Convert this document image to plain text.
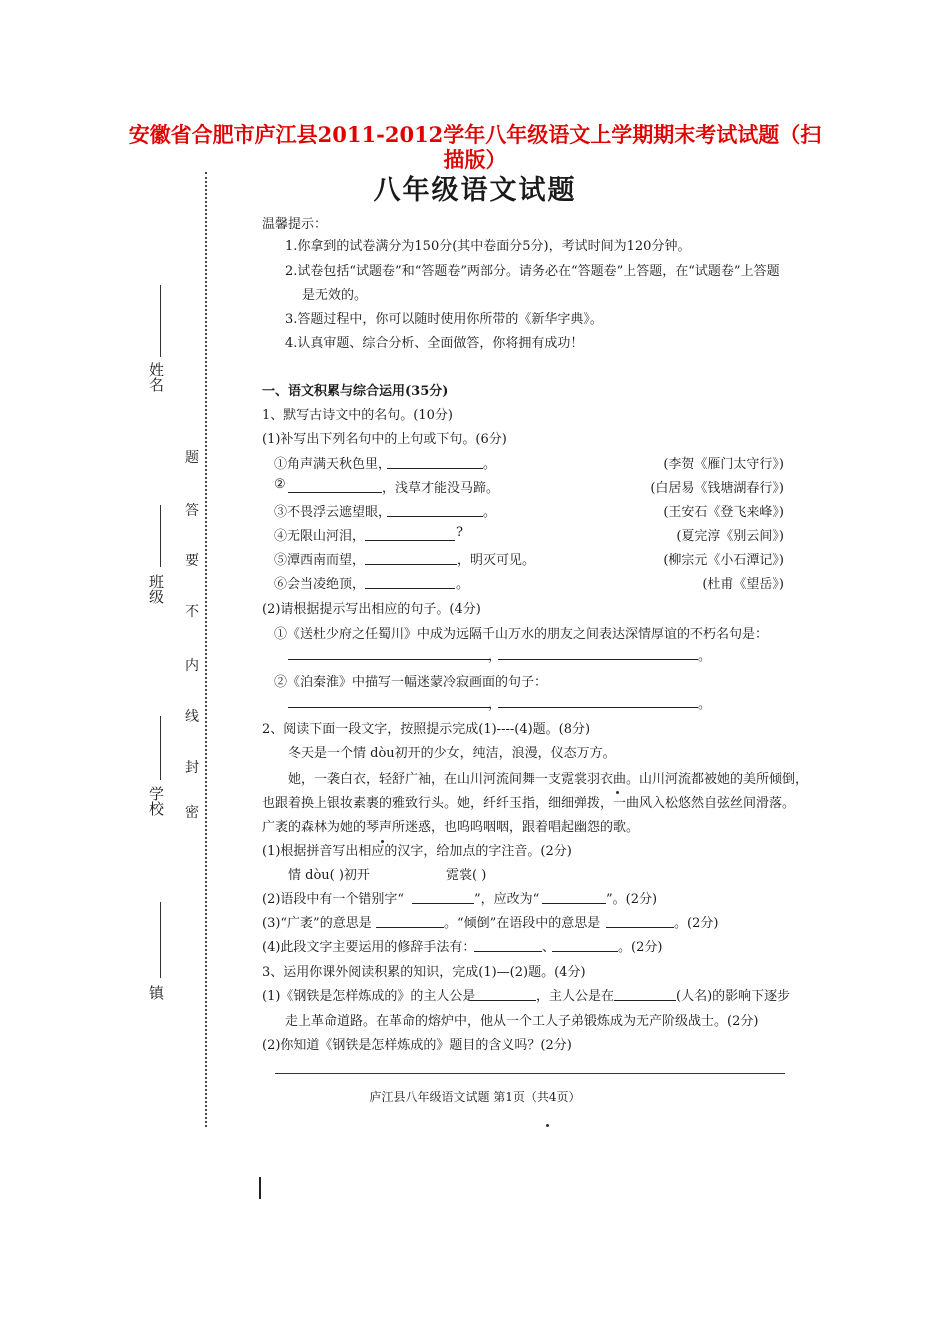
安徽省合肥市庐江县2011-2012学年八年级语文上学期期末考试试题（扫描版）
八年级语文试题
姓名
班级
学校
镇
密
封
线
内
不
要
答
题
温馨提示：
1.你拿到的试卷满分为150分(其中卷面分5分)，考试时间为120分钟。
2.试卷包括“试题卷”和“答题卷”两部分。请务必在“答题卷”上答题，在“试题卷”上答题
是无效的。
3.答题过程中，你可以随时使用你所带的《新华字典》。
4.认真审题、综合分析、全面做答，你将拥有成功！
一、语文积累与综合运用(35分)
1、默写古诗文中的名句。(10分)
(1)补写出下列名句中的上句或下句。(6分)
①角声满天秋色里，	。	(李贺《雁门太守行》)
②	，浅草才能没马蹄。	(白居易《钱塘湖春行》)
③不畏浮云遮望眼，	。	(王安石《登飞来峰》)
④无限山河泪，	?	(夏完淳《别云间》)
⑤潭西南而望，	，明灭可见。	(柳宗元《小石潭记》)
⑥会当凌绝顶，	。	(杜甫《望岳》)
(2)请根据提示写出相应的句子。(4分)
①《送杜少府之任蜀川》中成为远隔千山万水的朋友之间表达深情厚谊的不朽名句是：
，	。
②《泊秦淮》中描写一幅迷蒙冷寂画面的句子：
，	。
2、阅读下面一段文字，按照提示完成(1)----(4)题。(8分)
冬天是一个情 dòu初开的少女，纯洁，浪漫，仪态万方。
她，一袭白衣，轻舒广袖，在山川河流间舞一支霓裳羽衣曲。山川河流都被她的美所倾倒，
也跟着换上银妆素裹的雅致行头。她，纤纤玉指，细细弹拨，一曲风入松悠然自弦丝间滑落。
广袤的森林为她的琴声所迷惑，也呜呜咽咽，跟着唱起幽怨的歌。
(1)根据拼音写出相应的汉字，给加点的字注音。(2分)
情 dòu( )初开	霓裳( )
(2)语段中有一个错别字“	”，应改为“	”。(2分)
(3)“广袤”的意思是	。“倾倒”在语段中的意思是	。(2分)
(4)此段文字主要运用的修辞手法有：	、	。(2分)
3、运用你课外阅读积累的知识，完成(1)—(2)题。(4分)
(1)《钢铁是怎样炼成的》的主人公是	，主人公是在	(人名)的影响下逐步
走上革命道路。在革命的熔炉中，他从一个工人子弟锻炼成为无产阶级战士。(2分)
(2)你知道《钢铁是怎样炼成的》题目的含义吗？(2分)
庐江县八年级语文试题 第1页（共4页）
